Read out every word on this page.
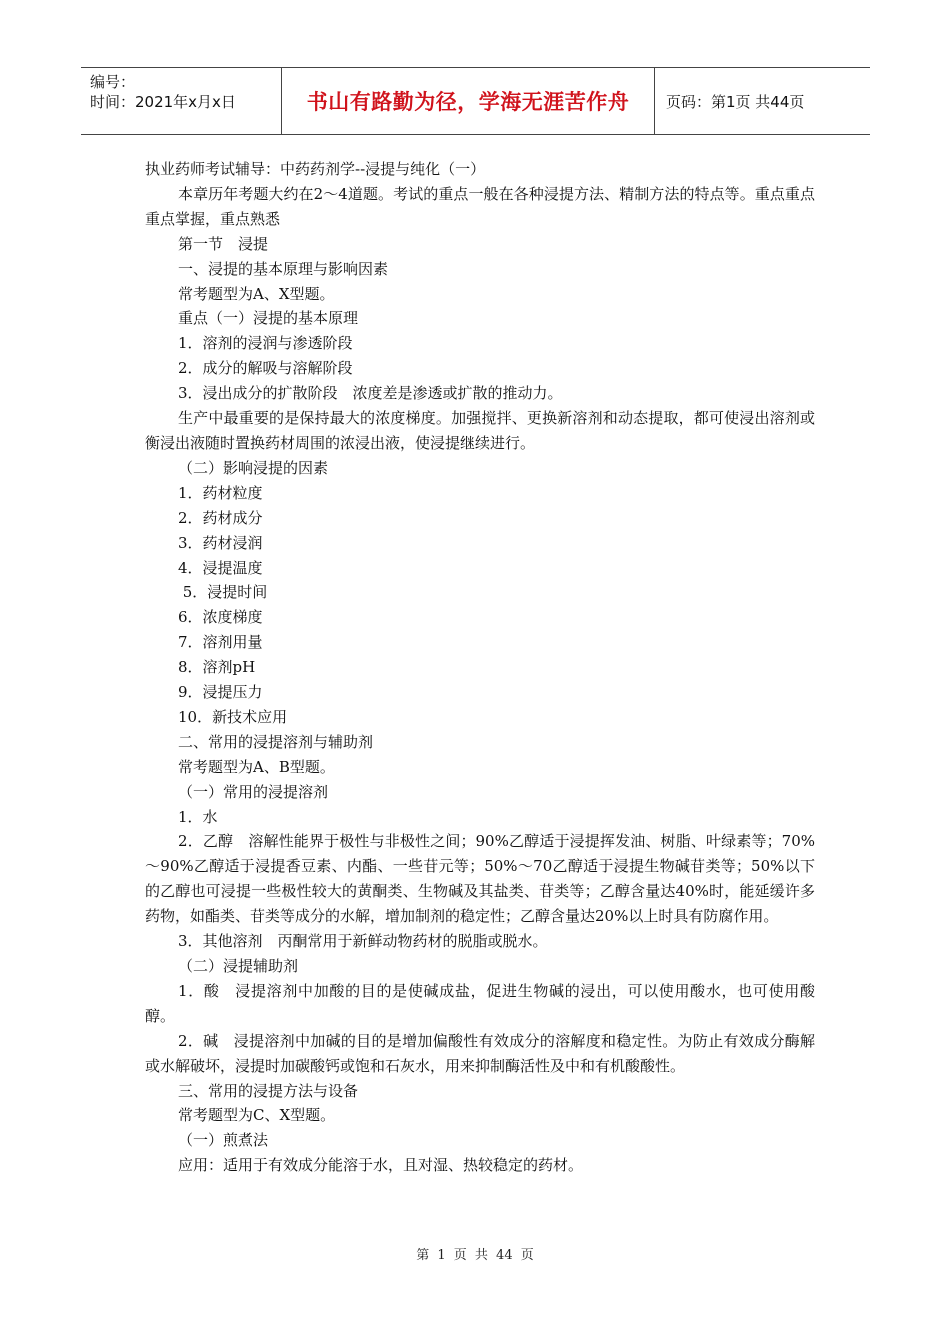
编号：
时间：2021年x月x日	书山有路勤为径，学海无涯苦作舟	页码：第1页 共44页

执业药师考试辅导：中药药剂学--浸提与纯化（一）

本章历年考题大约在2～4道题。考试的重点一般在各种浸提方法、精制方法的特点等。重点重点重点掌握，重点熟悉

第一节　浸提

一、浸提的基本原理与影响因素

常考题型为A、X型题。

重点（一）浸提的基本原理

1．溶剂的浸润与渗透阶段

2．成分的解吸与溶解阶段

3．浸出成分的扩散阶段　浓度差是渗透或扩散的推动力。

生产中最重要的是保持最大的浓度梯度。加强搅拌、更换新溶剂和动态提取，都可使浸出溶剂或衡浸出液随时置换药材周围的浓浸出液，使浸提继续进行。

（二）影响浸提的因素

1．药材粒度

2．药材成分

3．药材浸润

4．浸提温度

5．浸提时间

6．浓度梯度

7．溶剂用量

8．溶剂pH

9．浸提压力

10．新技术应用

二、常用的浸提溶剂与辅助剂

常考题型为A、B型题。

（一）常用的浸提溶剂

1．水

2．乙醇　溶解性能界于极性与非极性之间；90%乙醇适于浸提挥发油、树脂、叶绿素等；70%～90%乙醇适于浸提香豆素、内酯、一些苷元等；50%～70乙醇适于浸提生物碱苷类等；50%以下的乙醇也可浸提一些极性较大的黄酮类、生物碱及其盐类、苷类等；乙醇含量达40%时，能延缓许多药物，如酯类、苷类等成分的水解，增加制剂的稳定性；乙醇含量达20%以上时具有防腐作用。

3．其他溶剂　丙酮常用于新鲜动物药材的脱脂或脱水。

（二）浸提辅助剂

1．酸　浸提溶剂中加酸的目的是使碱成盐，促进生物碱的浸出，可以使用酸水，也可使用酸醇。

2．碱　浸提溶剂中加碱的目的是增加偏酸性有效成分的溶解度和稳定性。为防止有效成分酶解或水解破坏，浸提时加碳酸钙或饱和石灰水，用来抑制酶活性及中和有机酸酸性。

三、常用的浸提方法与设备

常考题型为C、X型题。

（一）煎煮法

应用：适用于有效成分能溶于水，且对湿、热较稳定的药材。

第 1 页 共 44 页
